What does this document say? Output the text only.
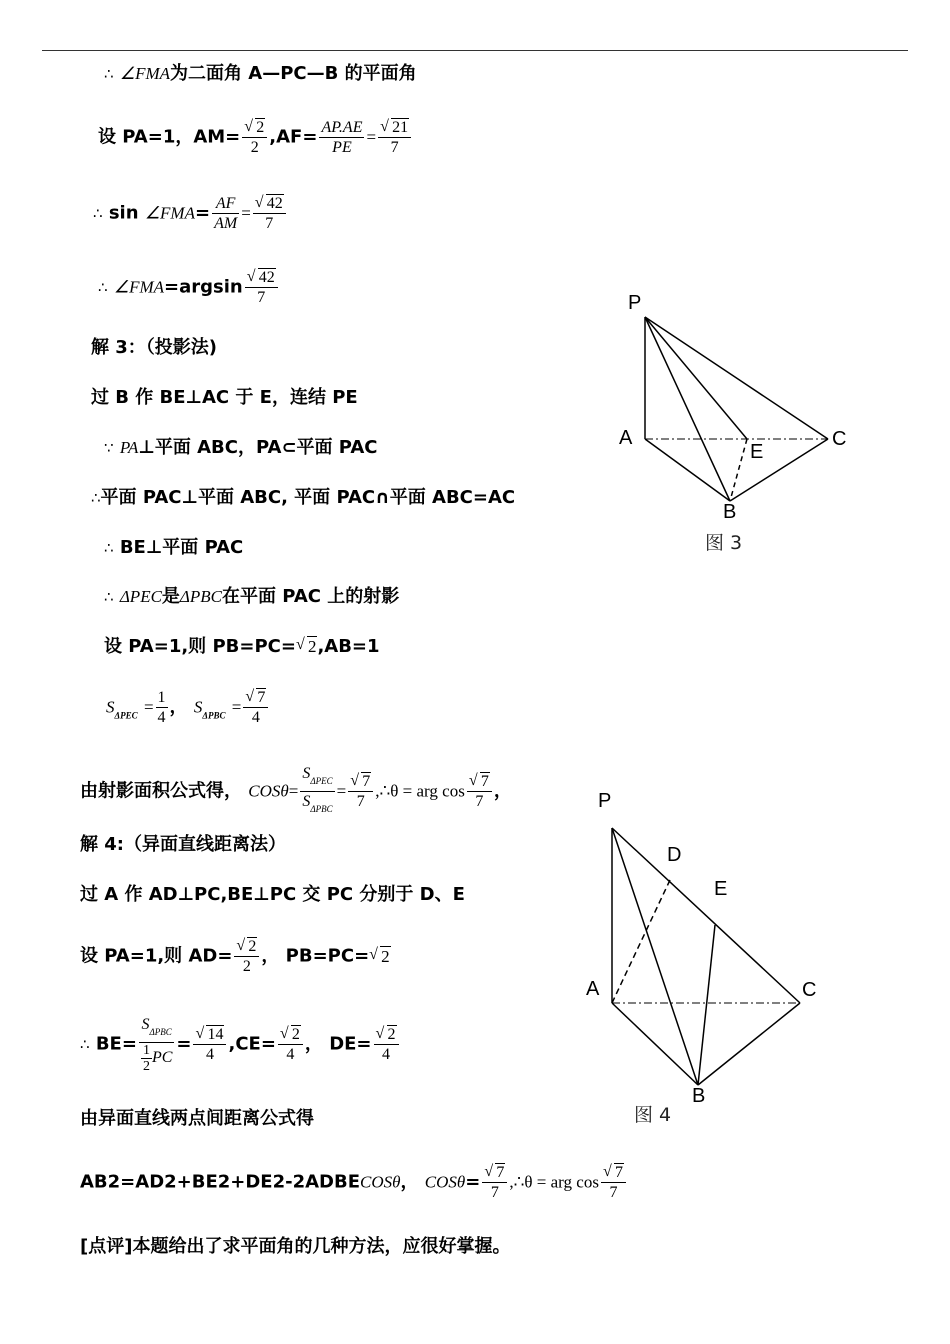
∴ ∠FMA为二面角 A—PC—B 的平面角
设 PA=1，AM= √ $\frac{2}{2} ,AF= \frac{AP.AE}{PE}$ = √ $\frac{21}{7}$
∴ sin ∠FMA= $\frac{AF}{AM}$ = √ $\frac{42}{7}$
∴ ∠FMA=argsin √ $\frac{42}{7}$
解 3：（投影法)
过 B 作 BE⊥AC 于 E，连结 PE
∵ PA⊥平面 ABC，PA⊂平面 PAC
∴平面 PAC⊥平面 ABC, 平面 PAC∩平面 ABC=AC
∴ BE⊥平面 PAC
∴ ΔPEC是ΔPBC在平面 PAC 上的射影
设 PA=1,则 PB=PC= √ 2,AB=1
$S_{\Delta PEC} = \frac{1}{4}$ ， $S_{\Delta PBC}$ = √ $\frac{7}{4}$
由射影面积公式得， $COS\theta= \frac{S_{\Delta PEC}}{S_{\Delta PBC}}$ = √ $\frac{7}{7}$ ,∴θ = arg cos √ $\frac{7}{7}$ ，
解 4:（异面直线距离法）
过 A 作 AD⊥PC,BE⊥PC 交 PC 分别于 D、E
设 PA=1,则 AD= √ $\frac{2}{2}$ ， PB=PC= √ 2
∴ $BE= \frac{S_{\Delta PBC}}{\frac{1}{2} PC}$ = √ $\frac{14}{4} ,CE=$ √ $\frac{2}{4}$ ， DE= √ $\frac{2}{4}$
由异面直线两点间距离公式得
AB2=AD2+BE2+DE2-2ADBECOSθ， COSθ= √ $\frac{7}{7}$ ,∴θ = arg cos √ $\frac{7}{7}$
[点评]本题给出了求平面角的几种方法，应很好掌握。
P
A	C
E
B
图 3
P
D
E
A	C
B
图 4
